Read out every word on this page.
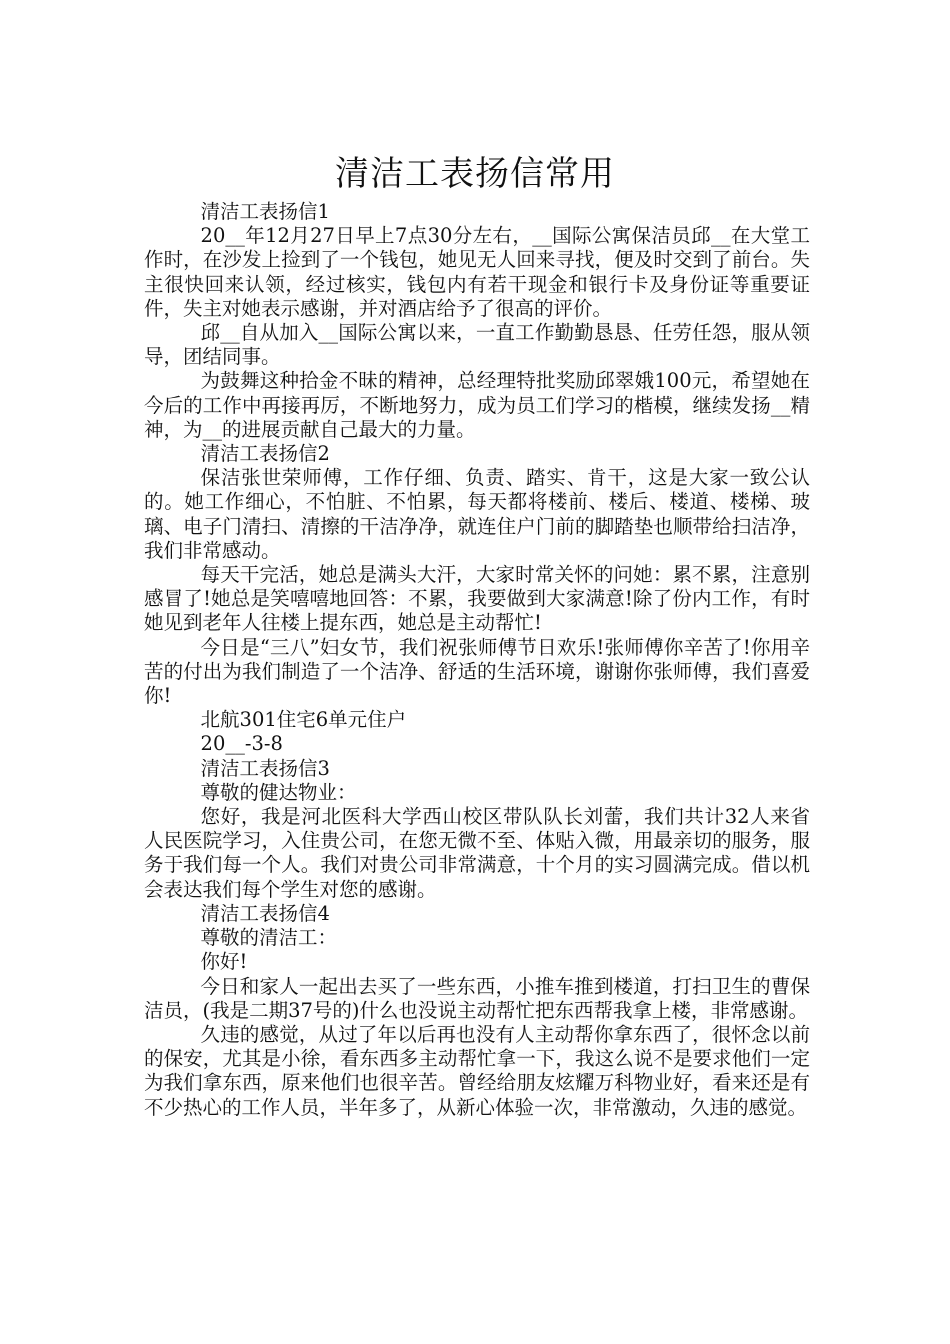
清洁工表扬信常用

清洁工表扬信1

20__年12月27日早上7点30分左右，__国际公寓保洁员邱__在大堂工作时，在沙发上捡到了一个钱包，她见无人回来寻找，便及时交到了前台。失主很快回来认领，经过核实，钱包内有若干现金和银行卡及身份证等重要证件，失主对她表示感谢，并对酒店给予了很高的评价。

邱__自从加入__国际公寓以来，一直工作勤勤恳恳、任劳任怨，服从领导，团结同事。

为鼓舞这种拾金不昧的精神，总经理特批奖励邱翠娥100元，希望她在今后的工作中再接再厉，不断地努力，成为员工们学习的楷模，继续发扬__精神，为__的进展贡献自己最大的力量。

清洁工表扬信2

保洁张世荣师傅，工作仔细、负责、踏实、肯干，这是大家一致公认的。她工作细心，不怕脏、不怕累，每天都将楼前、楼后、楼道、楼梯、玻璃、电子门清扫、清擦的干洁净净，就连住户门前的脚踏垫也顺带给扫洁净，我们非常感动。

每天干完活，她总是满头大汗，大家时常关怀的问她：累不累，注意别感冒了!她总是笑嘻嘻地回答：不累，我要做到大家满意!除了份内工作，有时她见到老年人往楼上提东西，她总是主动帮忙!

今日是“三八”妇女节，我们祝张师傅节日欢乐!张师傅你辛苦了!你用辛苦的付出为我们制造了一个洁净、舒适的生活环境，谢谢你张师傅，我们喜爱你!

北航301住宅6单元住户

20__-3-8

清洁工表扬信3

尊敬的健达物业：

您好，我是河北医科大学西山校区带队队长刘蕾，我们共计32人来省人民医院学习，入住贵公司，在您无微不至、体贴入微，用最亲切的服务，服务于我们每一个人。我们对贵公司非常满意，十个月的实习圆满完成。借以机会表达我们每个学生对您的感谢。

清洁工表扬信4

尊敬的清洁工：

你好!

今日和家人一起出去买了一些东西，小推车推到楼道，打扫卫生的曹保洁员，(我是二期37号的)什么也没说主动帮忙把东西帮我拿上楼，非常感谢。

久违的感觉，从过了年以后再也没有人主动帮你拿东西了，很怀念以前的保安，尤其是小徐，看东西多主动帮忙拿一下，我这么说不是要求他们一定为我们拿东西，原来他们也很辛苦。曾经给朋友炫耀万科物业好，看来还是有不少热心的工作人员，半年多了，从新心体验一次，非常激动，久违的感觉。
